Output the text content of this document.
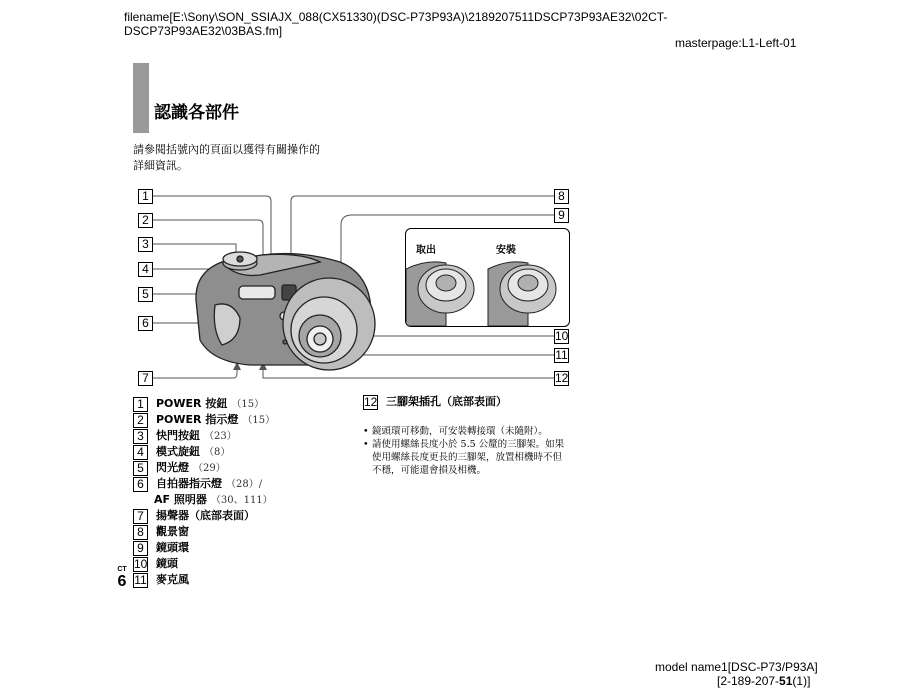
filename[E:\Sony\SON_SSIAJX_088(CX51330)(DSC-P73P93A)\2189207511DSCP73P93AE32\02CT-
DSCP73P93AE32\03BAS.fm]
masterpage:L1-Left-01
認識各部件
請參閱括號內的頁面以獲得有關操作的
詳細資訊。
取出	安裝
1
2
3
4
5
6
7
8
9
10
11
12
1 POWER 按鈕 （15）
2 POWER 指示燈 （15）
3 快門按鈕 （23）
4 模式旋鈕 （8）
5 閃光燈 （29）
6 自拍器指示燈 （28）/
AF 照明器 （30、111）
7 揚聲器（底部表面）
8 觀景窗
9 鏡頭環
10 鏡頭
11 麥克風
12 三腳架插孔（底部表面）
• 鏡頭環可移動，可安裝轉接環（未隨附）。
• 請使用螺絲長度小於 5.5 公釐的三腳架。如果使用螺絲長度更長的三腳架，放置相機時不但不穩，可能還會損及相機。
CT
6
model name1[DSC-P73/P93A]
[2-189-207-51(1)]
